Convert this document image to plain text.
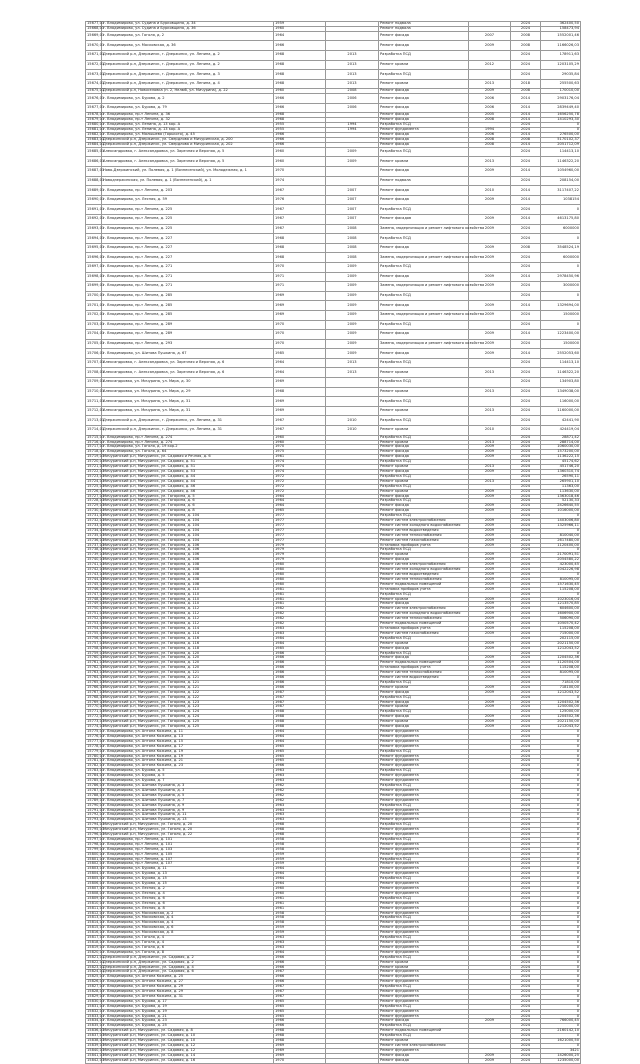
15677,01	г. Владимирово, ул. Судина и Бурковщина, д. 34	1959		Ремонт подвала		2024	362400,50
15668,01	г. Владимирово, ул. Судина и Бурковщина, д. 36	1960		Ремонт подвала		2024	158473,94
15669,01	г. Владимирово, ул. Гоголя, д. 2	1964		Ремонт фасада	2007	2008	1552001,46
15670,01	г. Владимирово, ул. Московская, д. 36	1966		Ремонт фасада	2009	2008	1166026,03
15671,01	Дзержинский р-н, Дзержинск, г. Дзержинск, ул. Ленина, д. 2	1968	2013	Разработка ПСД		2024	178911,63
15672,01	Дзержинский р-н, Дзержинск, г. Дзержинск, ул. Ленина, д. 2	1968	2013	Ремонт кровли	2012	2024	1203105,29
15673,01	Дзержинский р-н, Дзержинск, г. Дзержинск, ул. Ленина, д. 3	1968	2013	Разработка ПСД		2024	29035,84
15674,01	Дзержинский р-н, Дзержинск, г. Дзержинск, ул. Ленина, д. 4	1968	2013	Ремонт кровли	2013	2018	255500,63
15675,01	Дзержинский р-н, Новоселовка (п. 2, Нелюб, ул. Мичурина), д. 22	1960	2008	Ремонт фасада	2009	2008	170010,00
15676,01	г. Владимирово, ул. Бурова, д. 2	1966	2006	Ремонт фасада	2006	2014	2903176,04
15677,01	г. Владимирово, ул. Бурова, д. 79	1966	2006	Ремонт фасада	2006	2014	2839449,40
15678,01	г. Владимирово, пр-т Ленина, д. 36	1968		Ремонт фасада	2005	2014	1656250,78
15679,01	г. Владимирово, пр-т Ленина, д. 32	1968		Ремонт фасада	2008	2014	1410293,30
15680,01	г. Владимирово, ул. Ленина, д. 13 кор. А	1955	1994	Разработка ПСД		2024	0
15681,01	г. Владимирово, ул. Ленина, д. 13 кор. А	1955	1994	Ремонт фундамента	1994	2024	0
15682,01	г. Владимирово, ул. Малышева (Горького), д. 45	1966		Ремонт фасада	2006	2014	276500,00
15683,01	Дзержинский р-н, Дзержинск, ул. Свердлова и Мичуринская, д. 200	1966		Ремонт фасада	2008	2008	5170102,37
15684,01	Дзержинский р-н, Дзержинск, ул. Свердлова и Мичуринская, д. 202	1966		Ремонт фасада	2008	2014	2051712,09
15685,01	Александровка, г. Александровка, ул. Заречная и Верхняя, д. 5	1960	2009	Разработка ПСД		2024	114413,10
15686,01	Александровка, г. Александровка, ул. Заречная и Верхняя, д. 5	1960	2009	Ремонт кровли	2013	2024	1146322,20
15687,01	Ново-Дзержинский, ул. Полевая, д. 1 (Вознесенский), ул. Молодежная, д. 1	1970		Ремонт фасада	2009	2014	1054960,00
15688,01	Новодзержинская, ул. Полевая, д. 1 (Вознесенский), д. 1	1974		Ремонт подвала		2024	208154,00
15689,01	г. Владимирово, пр-т Ленина, д. 203	1967	2007	Ремонт фасада	2010	2014	3117407,22
15690,01	г. Владимирово, ул. Лесная, д. 59	1976	2007	Ремонт фасада	2009	2014	1038154
15691,01	г. Владимирово, пр-т Ленина, д. 225	1967	2007	Разработка ПСД		2024	0
15692,01	г. Владимирово, пр-т Ленина, д. 225	1967	2007	Ремонт фасадов	2009	2014	4613175,80
15693,01	г. Владимирово, пр-т Ленина, д. 225	1967	2008	Замена, модернизация и ремонт лифтового хозяйства	2009	2024	6000000
15694,01	г. Владимирово, пр-т Ленина, д. 227	1968	2008	Разработка ПСД		2024	0
15695,01	г. Владимирово, пр-т Ленина, д. 227	1968	2008	Ремонт фасада	2009	2008	3548524,19
15696,01	г. Владимирово, пр-т Ленина, д. 227	1968	2008	Замена, модернизация и ремонт лифтового хозяйства	2009	2024	6000000
15697,01	г. Владимирово, пр-т Ленина, д. 271	1970	2009	Разработка ПСД		2024	0
15698,01	г. Владимирово, пр-т Ленина, д. 271	1971	2009	Ремонт фасада	2009	2014	2978450,96
15699,01	г. Владимирово, пр-т Ленина, д. 271	1971	2009	Замена, модернизация и ремонт лифтового хозяйства	2009	2024	3000000
15700,01	г. Владимирово, пр-т Ленина, д. 285	1969	2009	Разработка ПСД		2024	0
15701,01	г. Владимирово, пр-т Ленина, д. 285	1969	2009	Ремонт фасада	2009	2014	1329694,00
15702,01	г. Владимирово, пр-т Ленина, д. 285	1969	2009	Замена, модернизация и ремонт лифтового хозяйства	2009	2024	1500000
15703,01	г. Владимирово, пр-т Ленина, д. 289	1970	2009	Разработка ПСД		2024	0
15704,01	г. Владимирово, пр-т Ленина, д. 289	1970	2009	Ремонт фасада	2009	2014	1223400,00
15705,01	г. Владимирово, пр-т Ленина, д. 293	1970	2009	Замена, модернизация и ремонт лифтового хозяйства	2009	2024	1500000
15706,01	г. Владимирово, ул. Шитова Пушкина, д. 67	1985	2009	Ремонт фасада	2009	2014	2552053,60
15707,01	Александровка, г. Александровка, ул. Заречная и Верхняя, д. 6	1964	2013	Разработка ПСД		2024	114413,10
15708,01	Александровка, г. Александровка, ул. Заречная и Верхняя, д. 6	1964	2013	Ремонт кровли	2013	2024	1146322,20
15709,01	Александровка, ул. Мичурина, ул. Мира, д. 30	1969		Разработка ПСД		2024	134903,80
15710,01	Александровка, ул. Мичурина, ул. Мира, д. 29	1968		Ремонт кровли	2013	2024	1349038,00
15711,01	Александровка, ул. Мичурина, ул. Мира, д. 31	1969		Разработка ПСД		2024	116000,00
15712,01	Александровка, ул. Мичурина, ул. Мира, д. 31	1969		Ремонт кровли	2013	2024	1160000,00
15713,01	Дзержинский р-н, Дзержинск, г. Дзержинск, ул. Ленина, д. 31	1967	2010	Разработка ПСД		2024	42441,90
15714,01	Дзержинский р-н, Дзержинск, г. Дзержинск, ул. Ленина, д. 31	1967	2010	Ремонт кровли	2010	2024	424419,04
15715,01	г. Владимирово, пр-т Ленина, д. 274	1960		Разработка ПСД		2024	28871,42
15716,01	г. Владимирово, пр-т Ленина, д. 274	1960		Ремонт кровли	2013	2024	288714,00
15717,01	г. Владимирово, ул. Гоголя, д. 19 кор.2	1970		Ремонт фасада	2009	2024	1060030,00
15718,01	г. Владимирово, ул. Гоголя, д. 64	1975		Ремонт фасада	2009	2024	1573200,00
15719,01	Мичуринский р-н, Мичуринск, ул. Садовая и Речная, д. 6	1961		Ремонт фасада	2009	2024	1136222,15
15720,01	Мичуринский р-н, Мичуринск, ул. Садовая, д. 51	1974		Разработка ПСД		2024	45174,62
15721,01	Мичуринский р-н, Мичуринск, ул. Садовая, д. 51	1974		Ремонт кровли	2013	2024	451746,20
15722,01	Мичуринский р-н, Мичуринск, ул. Садовая, д. 53	1974		Ремонт фасада	2009	2024	1360310,74
15723,01	Мичуринский р-н, Мичуринск, ул. Садовая, д. 44	1972		Разработка ПСД		2024	26590,11
15724,01	Мичуринский р-н, Мичуринск, ул. Садовая, д. 44	1972		Ремонт кровли	2013	2024	265901,10
15725,01	Мичуринский р-н, Мичуринск, ул. Садовая, д. 46	1972		Разработка ПСД		2024	11363,00
15726,01	Мичуринский р-н, Мичуринск, ул. Садовая, д. 46	1972		Ремонт кровли	2009	2024	113630,00
15727,01	Мичуринский р-н, Мичуринск, ул. Гагарина, д. 5	1964		Ремонт фасада	2009	2024	1363018,46
15728,01	Мичуринский р-н, Мичуринск, ул. Гагарина, д. 6	1964		Разработка ПСД		2024	52130,33
15729,01	Мичуринский р-н, Мичуринск, ул. Гагарина, д. 6	1964		Ремонт фасада	2009	2024	2426640,55
15730,01	Мичуринский р-н, Мичуринск, ул. Гагарина, д. 8	1965		Ремонт фасада	2009	2024	1016000,00
15731,01	Мичуринский р-н, Мичуринск, ул. Гагарина, д. 104	1977		Разработка ПСД		2024	0
15732,01	Мичуринский р-н, Мичуринск, ул. Гагарина, д. 104	1977		Ремонт систем электроснабжения	2009	2024	1403006,80
15733,01	Мичуринский р-н, Мичуринск, ул. Гагарина, д. 104	1977		Ремонт систем холодного водоснабжения	2009	2024	1325966,11
15734,01	Мичуринский р-н, Мичуринск, ул. Гагарина, д. 104	1977		Ремонт систем водоотведения	2009	2024	0
15735,01	Мичуринский р-н, Мичуринск, ул. Гагарина, д. 104	1977		Ремонт систем теплоснабжения	2009	2024	810040,00
15736,01	Мичуринский р-н, Мичуринск, ул. Гагарина, д. 104	1977		Ремонт систем газоснабжения	2009	2024	2617480,00
15737,01	Мичуринский р-н, Мичуринск, ул. Гагарина, д. 106	1979		Установка приборов учета	2009	2024	1120400,00
15738,01	Мичуринский р-н, Мичуринск, ул. Гагарина, д. 106	1979		Разработка ПСД		2024	0
15739,01	Мичуринский р-н, Мичуринск, ул. Гагарина, д. 106	1979		Ремонт кровли	2009	2024	2170091,51
15740,01	Мичуринский р-н, Мичуринск, ул. Гагарина, д. 106	1979		Ремонт фасада	2009	2024	2054580,22
15741,01	Мичуринский р-н, Мичуринск, ул. Гагарина, д. 108	1980		Ремонт систем электроснабжения	2009	2024	423000,45
15742,01	Мичуринский р-н, Мичуринск, ул. Гагарина, д. 108	1980		Ремонт систем холодного водоснабжения	2009	2024	1042226,98
15743,01	Мичуринский р-н, Мичуринск, ул. Гагарина, д. 108	1980		Ремонт систем водоотведения	2009	2024	0
15744,01	Мичуринский р-н, Мичуринск, ул. Гагарина, д. 108	1980		Ремонт систем теплоснабжения	2009	2024	810095,00
15745,01	Мичуринский р-н, Мичуринск, ул. Гагарина, д. 108	1980		Ремонт подвальных помещений	2009	2024	1571630,45
15746,01	Мичуринский р-н, Мичуринск, ул. Гагарина, д. 110	1981		Установка приборов учета	2009	2024	115208,00
15747,01	Мичуринский р-н, Мичуринск, ул. Гагарина, д. 110	1981		Разработка ПСД		2024	0
15748,01	Мичуринский р-н, Мичуринск, ул. Гагарина, д. 110	1981		Ремонт кровли	2009	2024	1023016,04
15749,01	Мичуринский р-н, Мичуринск, ул. Гагарина, д. 110	1981		Ремонт фасада	2009	2024	1213570,85
15750,01	Мичуринский р-н, Мичуринск, ул. Гагарина, д. 112	1982		Ремонт систем электроснабжения	2009	2024	604600,00
15751,01	Мичуринский р-н, Мичуринск, ул. Гагарина, д. 112	1982		Ремонт систем холодного водоснабжения	2009	2024	1606900,00
15752,01	Мичуринский р-н, Мичуринск, ул. Гагарина, д. 112	1982		Ремонт систем теплоснабжения	2009	2024	506090,00
15753,01	Мичуринский р-н, Мичуринск, ул. Гагарина, д. 112	1982		Ремонт подвальных помещений	2009	2024	1050570,42
15754,01	Мичуринский р-н, Мичуринск, ул. Гагарина, д. 114	1983		Установка приборов учета	2009	2024	115208,00
15755,01	Мичуринский р-н, Мичуринск, ул. Гагарина, д. 114	1983		Ремонт систем газоснабжения	2009	2024	715000,00
15756,01	Мичуринский р-н, Мичуринск, ул. Гагарина, д. 116	1984		Разработка ПСД		2024	202115,00
15757,01	Мичуринский р-н, Мичуринск, ул. Гагарина, д. 116	1984		Ремонт кровли	2009	2024	2021150,00
15758,01	Мичуринский р-н, Мичуринск, ул. Гагарина, д. 118	1985		Ремонт фасада	2009	2024	1212043,52
15759,01	Мичуринский р-н, Мичуринск, ул. Гагарина, д. 120	1986		Разработка ПСД		2024	0
15760,01	Мичуринский р-н, Мичуринск, ул. Гагарина, д. 120	1986		Ремонт фасада	2009	2024	1204502,36
15761,01	Мичуринский р-н, Мичуринск, ул. Гагарина, д. 120	1986		Ремонт подвальных помещений	2009	2024	1120504,00
15762,01	Мичуринский р-н, Мичуринск, ул. Гагарина, д. 120	1986		Установка приборов учета	2009	2024	115208,00
15763,01	Мичуринский р-н, Мичуринск, ул. Гагарина, д. 121	1986		Ремонт систем теплоснабжения	2009	2024	810095,00
15764,01	Мичуринский р-н, Мичуринск, ул. Гагарина, д. 121	1986		Ремонт систем водоотведения	2009	2024	0
15765,01	Мичуринский р-н, Мичуринск, ул. Гагарина, д. 121	1986		Разработка ПСД		2024	71810,00
15766,01	Мичуринский р-н, Мичуринск, ул. Гагарина, д. 121	1986		Ремонт кровли	2009	2024	718100,00
15767,01	Мичуринский р-н, Мичуринск, ул. Гагарина, д. 122	1987		Ремонт фасада	2009	2024	1212043,52
15768,01	Мичуринский р-н, Мичуринск, ул. Гагарина, д. 122	1987		Разработка ПСД		2024	0
15769,01	Мичуринский р-н, Мичуринск, ул. Гагарина, д. 123	1987		Ремонт фасада	2009	2024	1204502,36
15770,01	Мичуринский р-н, Мичуринск, ул. Гагарина, д. 123	1987		Ремонт кровли	2009	2024	1250000,00
15771,01	Мичуринский р-н, Мичуринск, ул. Гагарина, д. 124	1988		Разработка ПСД		2024	125000,00
15772,01	Мичуринский р-н, Мичуринск, ул. Гагарина, д. 124	1988		Ремонт фасада	2009	2024	1204502,36
15773,01	Мичуринский р-н, Мичуринск, ул. Гагарина, д. 125	1988		Ремонт кровли	2009	2024	2021150,00
15774,01	Мичуринский р-н, Мичуринск, ул. Гагарина, д. 125	1988		Ремонт фасада	2009	2024	1212043,52
15775,01	г. Владимирово, ул. Антона Кожина, д. 11	1964		Ремонт фундамента		2024	0
15776,01	г. Владимирово, ул. Антона Кожина, д. 13	1964		Ремонт фундамента		2024	0
15777,01	г. Владимирово, ул. Антона Кожина, д. 15	1964		Ремонт фундамента		2024	0
15778,01	г. Владимирово, ул. Антона Кожина, д. 17	1965		Ремонт фундамента		2024	0
15779,01	г. Владимирово, ул. Антона Кожина, д. 19	1965		Разработка ПСД		2024	0
15780,01	г. Владимирово, ул. Антона Кожина, д. 19	1965		Ремонт фундамента		2024	0
15781,01	г. Владимирово, ул. Антона Кожина, д. 21	1965		Ремонт фундамента		2024	0
15782,01	г. Владимирово, ул. Антона Кожина, д. 23	1966		Ремонт фундамента		2024	0
15783,01	г. Владимирово, ул. Бурова, д. 5	1963		Разработка ПСД		2024	0
15784,01	г. Владимирово, ул. Бурова, д. 5	1963		Ремонт фундамента		2024	0
15785,01	г. Владимирово, ул. Бурова, д. 7	1963		Ремонт фундамента		2024	0
15786,01	г. Владимирово, ул. Шитова Пушкина, д. 3	1962		Разработка ПСД		2024	0
15787,01	г. Владимирово, ул. Шитова Пушкина, д. 3	1962		Ремонт фундамента		2024	0
15788,01	г. Владимирово, ул. Шитова Пушкина, д. 5	1962		Ремонт фундамента		2024	0
15789,01	г. Владимирово, ул. Шитова Пушкина, д. 7	1962		Ремонт фундамента		2024	0
15790,01	г. Владимирово, ул. Шитова Пушкина, д. 9	1963		Разработка ПСД		2024	0
15791,01	г. Владимирово, ул. Шитова Пушкина, д. 9	1963		Ремонт фундамента		2024	0
15792,01	г. Владимирово, ул. Шитова Пушкина, д. 11	1963		Ремонт фундамента		2024	0
15793,01	г. Владимирово, ул. Шитова Пушкина, д. 13	1963		Ремонт фундамента		2024	0
15794,01	Мичуринский р-н, Мичуринск, ул. Гоголя, д. 20	1968		Разработка ПСД		2024	0
15795,01	Мичуринский р-н, Мичуринск, ул. Гоголя, д. 20	1968		Ремонт фундамента		2024	0
15796,01	Мичуринский р-н, Мичуринск, ул. Гоголя, д. 22	1968		Ремонт фундамента		2024	0
15797,01	г. Владимирово, пр-т Ленина, д. 101	1958		Разработка ПСД		2024	0
15798,01	г. Владимирово, пр-т Ленина, д. 101	1958		Ремонт фундамента		2024	0
15799,01	г. Владимирово, пр-т Ленина, д. 103	1958		Ремонт фундамента		2024	0
15800,01	г. Владимирово, пр-т Ленина, д. 105	1959		Ремонт фундамента		2024	0
15801,01	г. Владимирово, пр-т Ленина, д. 107	1959		Разработка ПСД		2024	0
15802,01	г. Владимирово, пр-т Ленина, д. 107	1959		Ремонт фундамента		2024	0
15803,01	г. Владимирово, ул. Бурова, д. 11	1964		Ремонт фундамента		2024	0
15804,01	г. Владимирово, ул. Бурова, д. 13	1964		Ремонт фундамента		2024	0
15805,01	г. Владимирово, ул. Бурова, д. 15	1964		Разработка ПСД		2024	0
15806,01	г. Владимирово, ул. Бурова, д. 15	1964		Ремонт фундамента		2024	0
15807,01	г. Владимирово, ул. Лесная, д. 2	1960		Ремонт фундамента		2024	0
15808,01	г. Владимирово, ул. Лесная, д. 4	1960		Ремонт фундамента		2024	0
15809,01	г. Владимирово, ул. Лесная, д. 6	1961		Разработка ПСД		2024	0
15810,01	г. Владимирово, ул. Лесная, д. 6	1961		Ремонт фундамента		2024	0
15811,01	г. Владимирово, ул. Лесная, д. 8	1961		Ремонт фундамента		2024	0
15812,01	г. Владимирово, ул. Московская, д. 2	1958		Ремонт фундамента		2024	0
15813,01	г. Владимирово, ул. Московская, д. 4	1958		Разработка ПСД		2024	0
15814,01	г. Владимирово, ул. Московская, д. 4	1958		Ремонт фундамента		2024	0
15815,01	г. Владимирово, ул. Московская, д. 6	1959		Ремонт фундамента		2024	0
15816,01	г. Владимирово, ул. Московская, д. 8	1959		Ремонт фундамента		2024	0
15817,01	г. Владимирово, ул. Гоголя, д. 4	1963		Разработка ПСД		2024	0
15818,01	г. Владимирово, ул. Гоголя, д. 4	1963		Ремонт фундамента		2024	0
15819,01	г. Владимирово, ул. Гоголя, д. 6	1963		Ремонт фундамента		2024	0
15820,01	г. Владимирово, ул. Гоголя, д. 8	1964		Ремонт фундамента		2024	0
15821,01	Дзержинский р-н, Дзержинск, ул. Садовая, д. 2	1966		Разработка ПСД		2024	0
15822,01	Дзержинский р-н, Дзержинск, ул. Садовая, д. 2	1966		Ремонт кровли		2024	0
15823,01	Дзержинский р-н, Дзержинск, ул. Садовая, д. 4	1966		Ремонт кровли		2024	0
15824,01	Дзержинский р-н, Дзержинск, ул. Садовая, д. 6	1967		Ремонт фундамента		2024	0
15825,01	г. Владимирово, ул. Антона Кожина, д. 25	1966		Ремонт фундамента		2024	0
15826,01	г. Владимирово, ул. Антона Кожина, д. 27	1966		Ремонт фундамента		2024	0
15827,01	г. Владимирово, ул. Антона Кожина, д. 29	1967		Разработка ПСД		2024	0
15828,01	г. Владимирово, ул. Антона Кожина, д. 29	1967		Ремонт фундамента		2024	0
15829,01	г. Владимирово, ул. Антона Кожина, д. 31	1967		Ремонт фундамента		2024	0
15830,01	г. Владимирово, ул. Бурова, д. 17	1965		Ремонт фундамента		2024	0
15831,01	г. Владимирово, ул. Бурова, д. 19	1965		Разработка ПСД		2024	0
15832,01	г. Владимирово, ул. Бурова, д. 19	1965		Ремонт фундамента		2024	0
15833,01	г. Владимирово, ул. Бурова, д. 21	1965		Ремонт фундамента		2024	0
15834,01	г. Владимирово, ул. Бурова, д. 23	1966		Ремонт фасада	2009	2024	766000,45
15835,01	г. Владимирово, ул. Бурова, д. 25	1966		Разработка ПСД		2024	0
15836,01	Мичуринский р-н, Мичуринск, ул. Садовая, д. 8	1968		Ремонт подвальных помещений		2024	2160142,10
15837,01	Мичуринский р-н, Мичуринск, ул. Садовая, д. 10	1968		Разработка ПСД		2024	0
15838,01	Мичуринский р-н, Мичуринск, ул. Садовая, д. 10	1968		Ремонт кровли		2024	1621000,50
15839,01	Мичуринский р-н, Мичуринск, ул. Садовая, д. 12	1969		Ремонт систем электроснабжения		2024	0
15840,01	Мичуринский р-н, Мичуринск, ул. Садовая, д. 12	1969		Ремонт фундамента		2024	3421
15841,01	Мичуринский р-н, Мичуринск, ул. Садовая, д. 14	1969		Ремонт фасада	2009	2024	1426000,25
15842,01	Мичуринский р-н, Мичуринск, ул. Садовая, д. 16	1970		Ремонт фасада	2009	2024	1235000,00
